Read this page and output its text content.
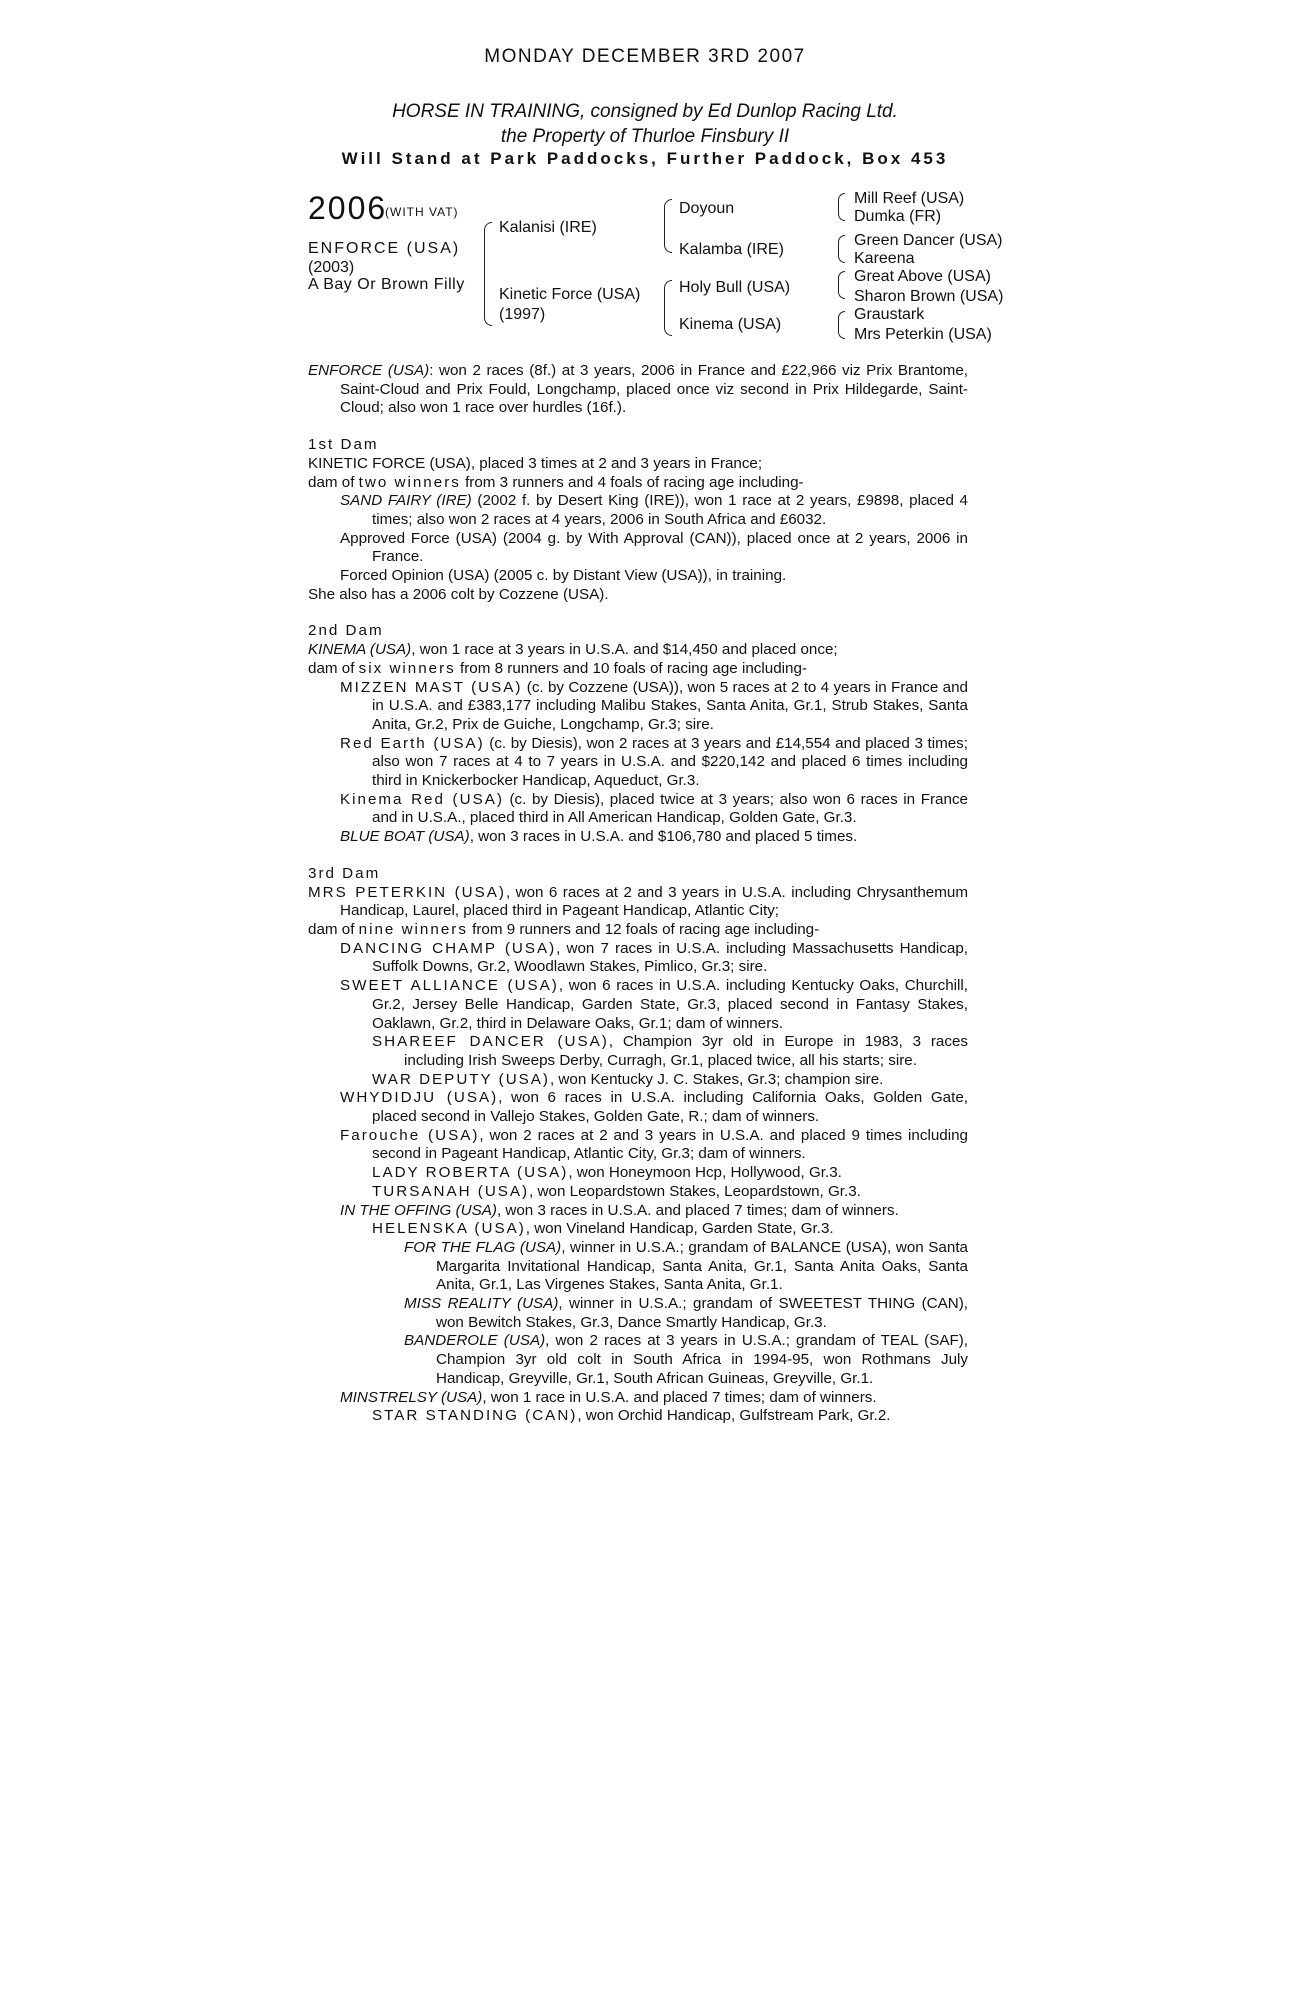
MONDAY DECEMBER 3RD 2007
HORSE IN TRAINING, consigned by Ed Dunlop Racing Ltd.
the Property of Thurloe Finsbury II
Will Stand at Park Paddocks, Further Paddock, Box 453
2006
(WITH VAT)
ENFORCE (USA)
(2003)
A Bay Or Brown Filly
Kalanisi (IRE)
Kinetic Force (USA)
(1997)
Doyoun
Kalamba (IRE)
Holy Bull (USA)
Kinema (USA)
Mill Reef (USA)
Dumka (FR)
Green Dancer (USA)
Kareena
Great Above (USA)
Sharon Brown (USA)
Graustark
Mrs Peterkin (USA)

ENFORCE (USA): won 2 races (8f.) at 3 years, 2006 in France and £22,966 viz Prix Brantome, Saint-Cloud and Prix Fould, Longchamp, placed once viz second in Prix Hildegarde, Saint-Cloud; also won 1 race over hurdles (16f.).

1st Dam

KINETIC FORCE (USA), placed 3 times at 2 and 3 years in France;

dam of two winners from 3 runners and 4 foals of racing age including-

SAND FAIRY (IRE) (2002 f. by Desert King (IRE)), won 1 race at 2 years, £9898, placed 4 times; also won 2 races at 4 years, 2006 in South Africa and £6032.

Approved Force (USA) (2004 g. by With Approval (CAN)), placed once at 2 years, 2006 in France.

Forced Opinion (USA) (2005 c. by Distant View (USA)), in training.

She also has a 2006 colt by Cozzene (USA).

2nd Dam

KINEMA (USA), won 1 race at 3 years in U.S.A. and $14,450 and placed once;

dam of six winners from 8 runners and 10 foals of racing age including-

MIZZEN MAST (USA) (c. by Cozzene (USA)), won 5 races at 2 to 4 years in France and in U.S.A. and £383,177 including Malibu Stakes, Santa Anita, Gr.1, Strub Stakes, Santa Anita, Gr.2, Prix de Guiche, Longchamp, Gr.3; sire.

Red Earth (USA) (c. by Diesis), won 2 races at 3 years and £14,554 and placed 3 times; also won 7 races at 4 to 7 years in U.S.A. and $220,142 and placed 6 times including third in Knickerbocker Handicap, Aqueduct, Gr.3.

Kinema Red (USA) (c. by Diesis), placed twice at 3 years; also won 6 races in France and in U.S.A., placed third in All American Handicap, Golden Gate, Gr.3.

BLUE BOAT (USA), won 3 races in U.S.A. and $106,780 and placed 5 times.

3rd Dam

MRS PETERKIN (USA), won 6 races at 2 and 3 years in U.S.A. including Chrysanthemum Handicap, Laurel, placed third in Pageant Handicap, Atlantic City;

dam of nine winners from 9 runners and 12 foals of racing age including-

DANCING CHAMP (USA), won 7 races in U.S.A. including Massachusetts Handicap, Suffolk Downs, Gr.2, Woodlawn Stakes, Pimlico, Gr.3; sire.

SWEET ALLIANCE (USA), won 6 races in U.S.A. including Kentucky Oaks, Churchill, Gr.2, Jersey Belle Handicap, Garden State, Gr.3, placed second in Fantasy Stakes, Oaklawn, Gr.2, third in Delaware Oaks, Gr.1; dam of winners.

SHAREEF DANCER (USA), Champion 3yr old in Europe in 1983, 3 races including Irish Sweeps Derby, Curragh, Gr.1, placed twice, all his starts; sire.

WAR DEPUTY (USA), won Kentucky J. C. Stakes, Gr.3; champion sire.

WHYDIDJU (USA), won 6 races in U.S.A. including California Oaks, Golden Gate, placed second in Vallejo Stakes, Golden Gate, R.; dam of winners.

Farouche (USA), won 2 races at 2 and 3 years in U.S.A. and placed 9 times including second in Pageant Handicap, Atlantic City, Gr.3; dam of winners.

LADY ROBERTA (USA), won Honeymoon Hcp, Hollywood, Gr.3.

TURSANAH (USA), won Leopardstown Stakes, Leopardstown, Gr.3.

IN THE OFFING (USA), won 3 races in U.S.A. and placed 7 times; dam of winners.

HELENSKA (USA), won Vineland Handicap, Garden State, Gr.3.

FOR THE FLAG (USA), winner in U.S.A.; grandam of BALANCE (USA), won Santa Margarita Invitational Handicap, Santa Anita, Gr.1, Santa Anita Oaks, Santa Anita, Gr.1, Las Virgenes Stakes, Santa Anita, Gr.1.

MISS REALITY (USA), winner in U.S.A.; grandam of SWEETEST THING (CAN), won Bewitch Stakes, Gr.3, Dance Smartly Handicap, Gr.3.

BANDEROLE (USA), won 2 races at 3 years in U.S.A.; grandam of TEAL (SAF), Champion 3yr old colt in South Africa in 1994-95, won Rothmans July Handicap, Greyville, Gr.1, South African Guineas, Greyville, Gr.1.

MINSTRELSY (USA), won 1 race in U.S.A. and placed 7 times; dam of winners.

STAR STANDING (CAN), won Orchid Handicap, Gulfstream Park, Gr.2.
